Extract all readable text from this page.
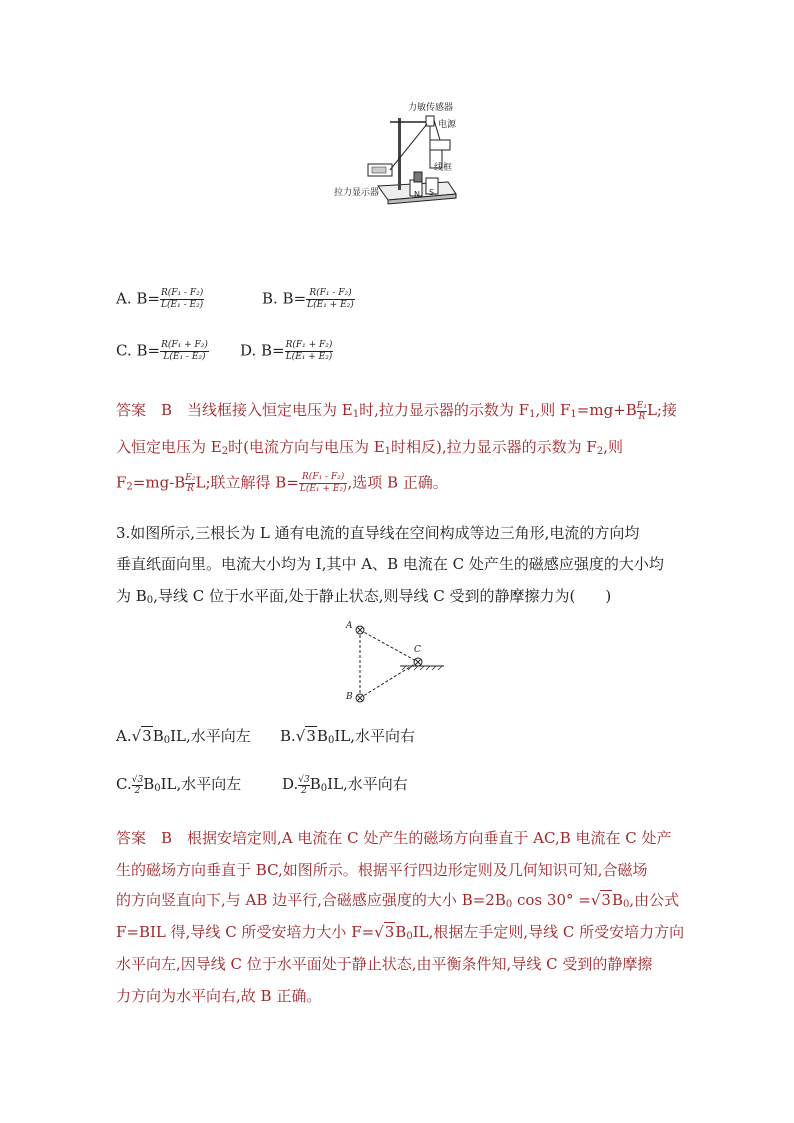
力敏传感器
电源
线框
拉力显示器	N S
A. $B= \frac{\text{R(F₁ - F₂)}}{\text{L(E₁ - E₂)}}$	B. $B= \frac{\text{R(F₁ - F₂)}}{\text{L(E₁ + E₂)}}$
C. $B= \frac{\text{R(F₁ + F₂)}}{\text{L(E₁ - E₂)}} D$. $B= \frac{\text{R(F₁ + F₂)}}{\text{L(E₁ + E₂)}}$
答案　B　当线框接入恒定电压为 $E_1$时,拉力显示器的示数为 $F_1$,则 $F_1=mg+B \frac{\text{E₁}}{R} L$;接
入恒定电压为 $E_2$时(电流方向与电压为 $E_1$时相反),拉力显示器的示数为 $F_2$,则
$F_2=mg-B \frac{\text{E₂}}{R} L$;联立解得 $B= \frac{\text{R(F₁ - F₂)}}{\text{L(E₁ + E₂)}}$ ,选项 B 正确。
3.如图所示,三根长为 L 通有电流的直导线在空间构成等边三角形,电流的方向均
垂直纸面向里。电流大小均为 I,其中 A、B 电流在 C 处产生的磁感应强度的大小均
为 $B_0$,导线 C 位于水平面,处于静止状态,则导线 C 受到的静摩擦力为(　　)
A
B
C
$A.√3B_0IL$,水平向左 $B.√3B_0IL$,水平向右
C. $\frac{√3}{2} B_0IL$,水平向左	D. $\frac{√3}{2} B_0IL$,水平向右
答案　B　根据安培定则,A 电流在 C 处产生的磁场方向垂直于 AC,B 电流在 C 处产
生的磁场方向垂直于 BC,如图所示。根据平行四边形定则及几何知识可知,合磁场
的方向竖直向下,与 AB 边平行,合磁感应强度的大小 $B=2B_0$ $\cos 30^\circ =√3B_0$,由公式
F=BIL 得,导线 C 所受安培力大小 $F=√3B_0IL$,根据左手定则,导线 C 所受安培力方向
水平向左,因导线 C 位于水平面处于静止状态,由平衡条件知,导线 C 受到的静摩擦
力方向为水平向右,故 B 正确。
